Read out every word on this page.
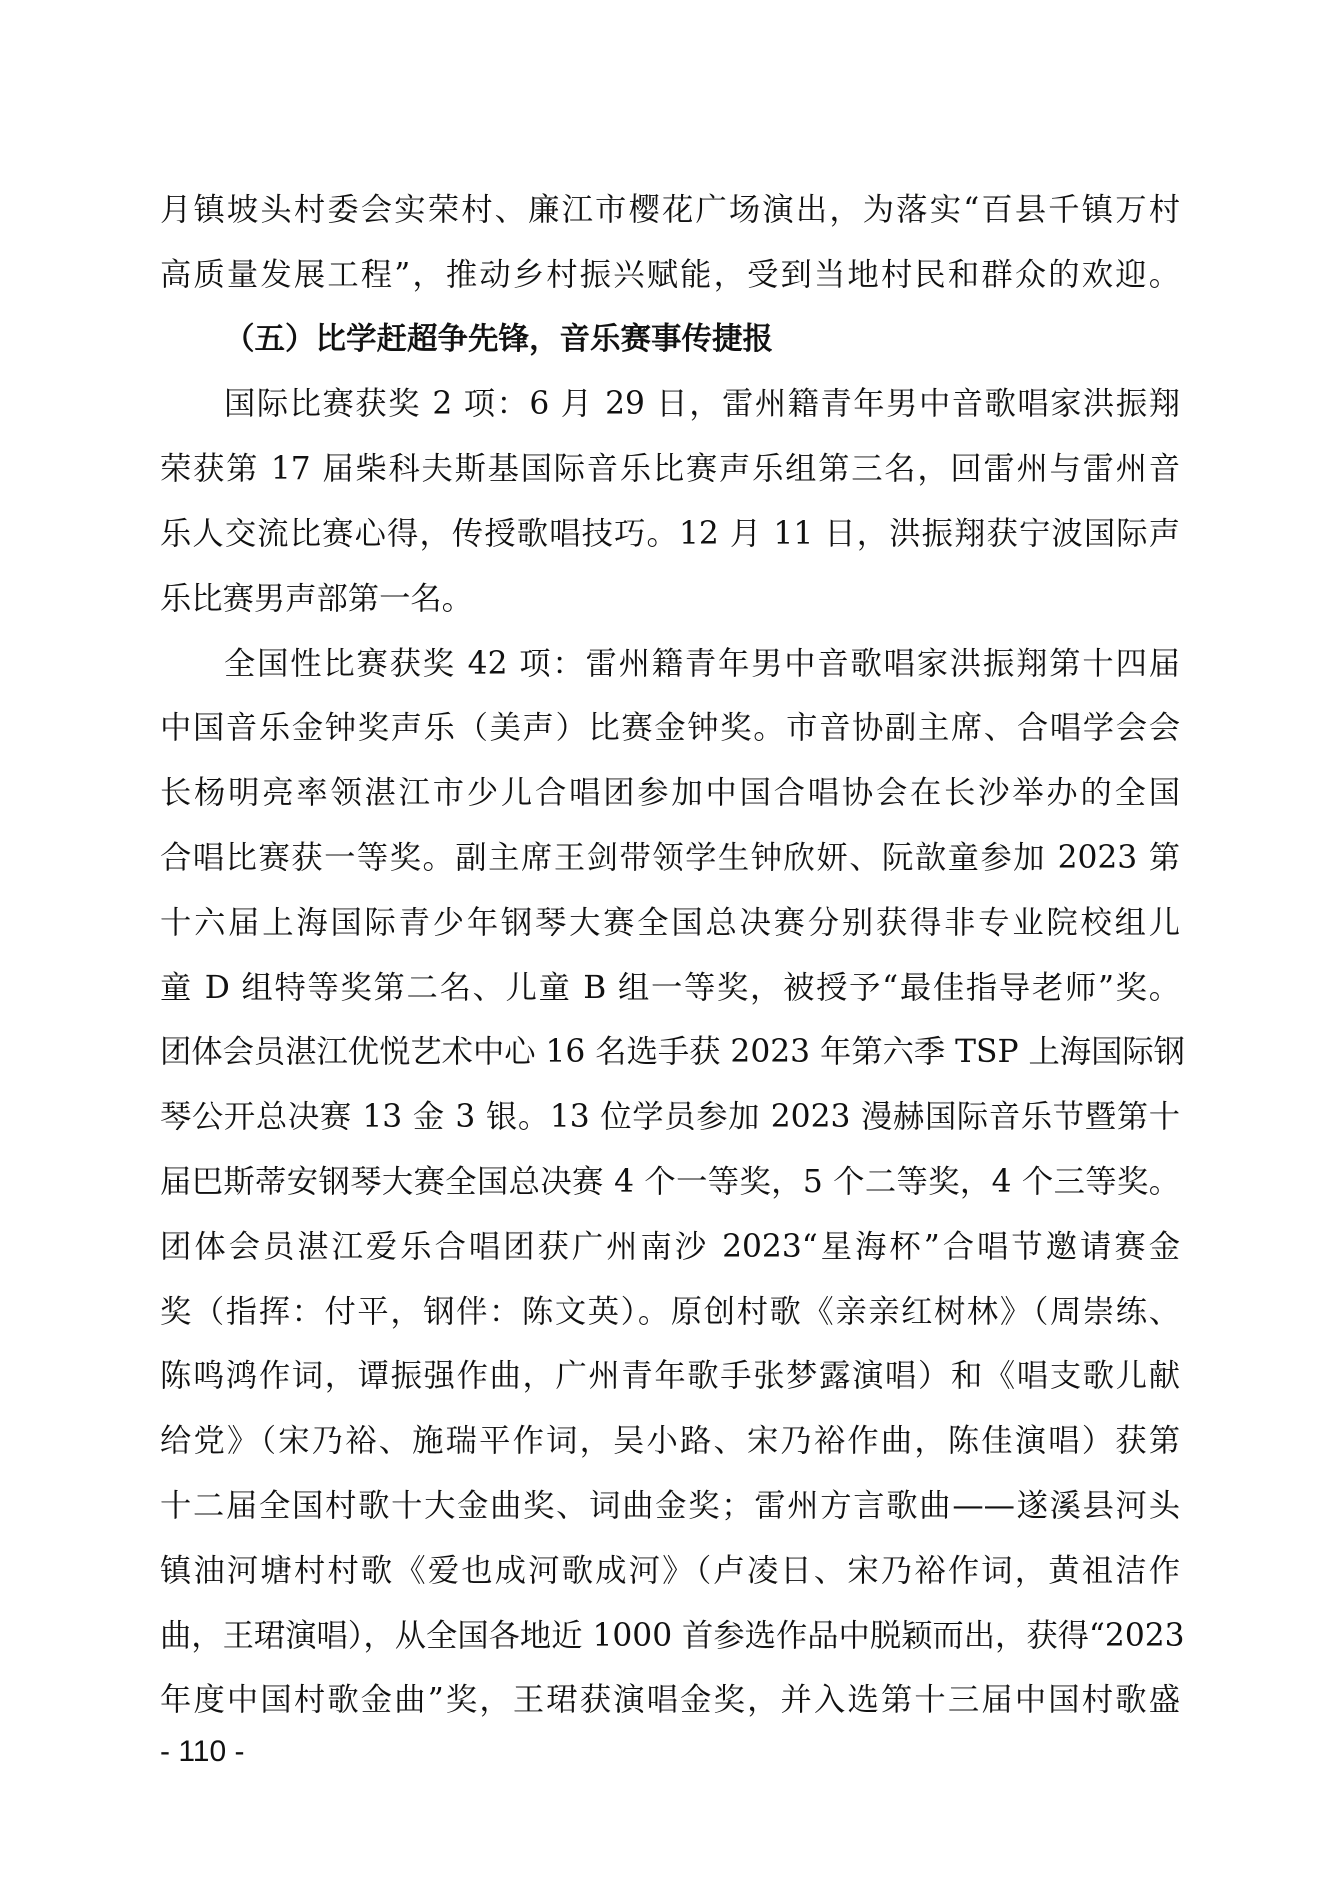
月镇坡头村委会实荣村、廉江市樱花广场演出，为落实“百县千镇万村
高质量发展工程”，推动乡村振兴赋能，受到当地村民和群众的欢迎。
（五）比学赶超争先锋，音乐赛事传捷报
国际比赛获奖 2 项：6 月 29 日，雷州籍青年男中音歌唱家洪振翔
荣获第 17 届柴科夫斯基国际音乐比赛声乐组第三名，回雷州与雷州音
乐人交流比赛心得，传授歌唱技巧。12 月 11 日，洪振翔获宁波国际声
乐比赛男声部第一名。
全国性比赛获奖 42 项：雷州籍青年男中音歌唱家洪振翔第十四届
中国音乐金钟奖声乐（美声）比赛金钟奖。市音协副主席、合唱学会会
长杨明亮率领湛江市少儿合唱团参加中国合唱协会在长沙举办的全国
合唱比赛获一等奖。副主席王剑带领学生钟欣妍、阮歆童参加 2023 第
十六届上海国际青少年钢琴大赛全国总决赛分别获得非专业院校组儿
童 D 组特等奖第二名、儿童 B 组一等奖，被授予“最佳指导老师”奖。
团体会员湛江优悦艺术中心 16 名选手获 2023 年第六季 TSP 上海国际钢
琴公开总决赛 13 金 3 银。13 位学员参加 2023 漫赫国际音乐节暨第十
届巴斯蒂安钢琴大赛全国总决赛 4 个一等奖，5 个二等奖，4 个三等奖。
团体会员湛江爱乐合唱团获广州南沙 2023“星海杯”合唱节邀请赛金
奖（指挥：付平，钢伴：陈文英）。原创村歌《亲亲红树林》（周崇练、
陈鸣鸿作词，谭振强作曲，广州青年歌手张梦露演唱）和《唱支歌儿献
给党》（宋乃裕、施瑞平作词，吴小路、宋乃裕作曲，陈佳演唱）获第
十二届全国村歌十大金曲奖、词曲金奖；雷州方言歌曲——遂溪县河头
镇油河塘村村歌《爱也成河歌成河》（卢凌日、宋乃裕作词，黄祖洁作
曲，王珺演唱），从全国各地近 1000 首参选作品中脱颖而出，获得“2023
年度中国村歌金曲”奖，王珺获演唱金奖，并入选第十三届中国村歌盛
- 110 -
